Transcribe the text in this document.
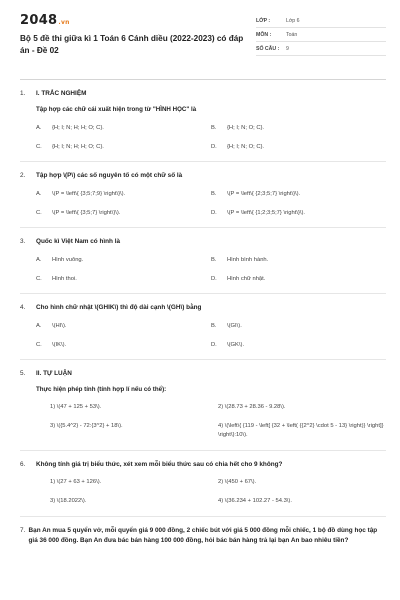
2048.vn
Bộ 5 đề thi giữa kì 1 Toán 6 Cánh diều (2022-2023) có đáp án - Đề 02
LỚP :	Lớp 6
MÔN :	Toán
SỐ CÂU :	9
1.	I. TRẮC NGHIỆM
Tập hợp các chữ cái xuất hiện trong từ "HÌNH HỌC" là
A.	{H; I; N; H; H; O; C}.	B.	{H; I; N; O; C}.
C.	{H; I; N; H; H; O; C}.	D.	{H; I; N; O; C}.
2.	Tập hợp \(P\) các số nguyên tố có một chữ số là
A.	\(P = \left\{ {3;5;7;9} \right\}\).	B.	\(P = \left\{ {2;3;5;7} \right\}\).
C.	\(P = \left\{ {3;5;7} \right\}\).	D.	\(P = \left\{ {1;2;3;5;7} \right\}\).
3.	Quốc kì Việt Nam có hình là
A.	Hình vuông.	B.	Hình bình hành.
C.	Hình thoi.	D.	Hình chữ nhật.
4.	Cho hình chữ nhật \(GHIK\) thì độ dài cạnh \(GH\) bằng
A.	\(HI\).	B.	\(GI\).
C.	\(IK\).	D.	\(GK\).
5.	II. TỰ LUẬN
Thực hiện phép tính (tính hợp lí nếu có thể):
1) \(47 + 125 + 53\).	2) \(28.73 + 28.36 - 9.28\).
3) \({5.4^2} - 72:{3^2} + 18\).	4) \(\left\{ {119 - \left[ {32 + \left( {{2^2} \cdot 5 - 13} \right)} \right]} \right\}:10\).
6.	Không tính giá trị biểu thức, xét xem mỗi biểu thức sau có chia hết cho 9 không?
1) \(27 + 63 + 126\).	2) \(450 + 67\).
3) \(18.2022\).	4) \(36.234 + 102.27 - 54.3\).
7. Bạn An mua 5 quyển vở, mỗi quyển giá 9 000 đồng, 2 chiếc bút với giá 5 000 đồng mỗi chiếc, 1 bộ đồ dùng học tập giá 36 000 đồng. Bạn An đưa bác bán hàng 100 000 đồng, hỏi bác bán hàng trả lại bạn An bao nhiêu tiền?
